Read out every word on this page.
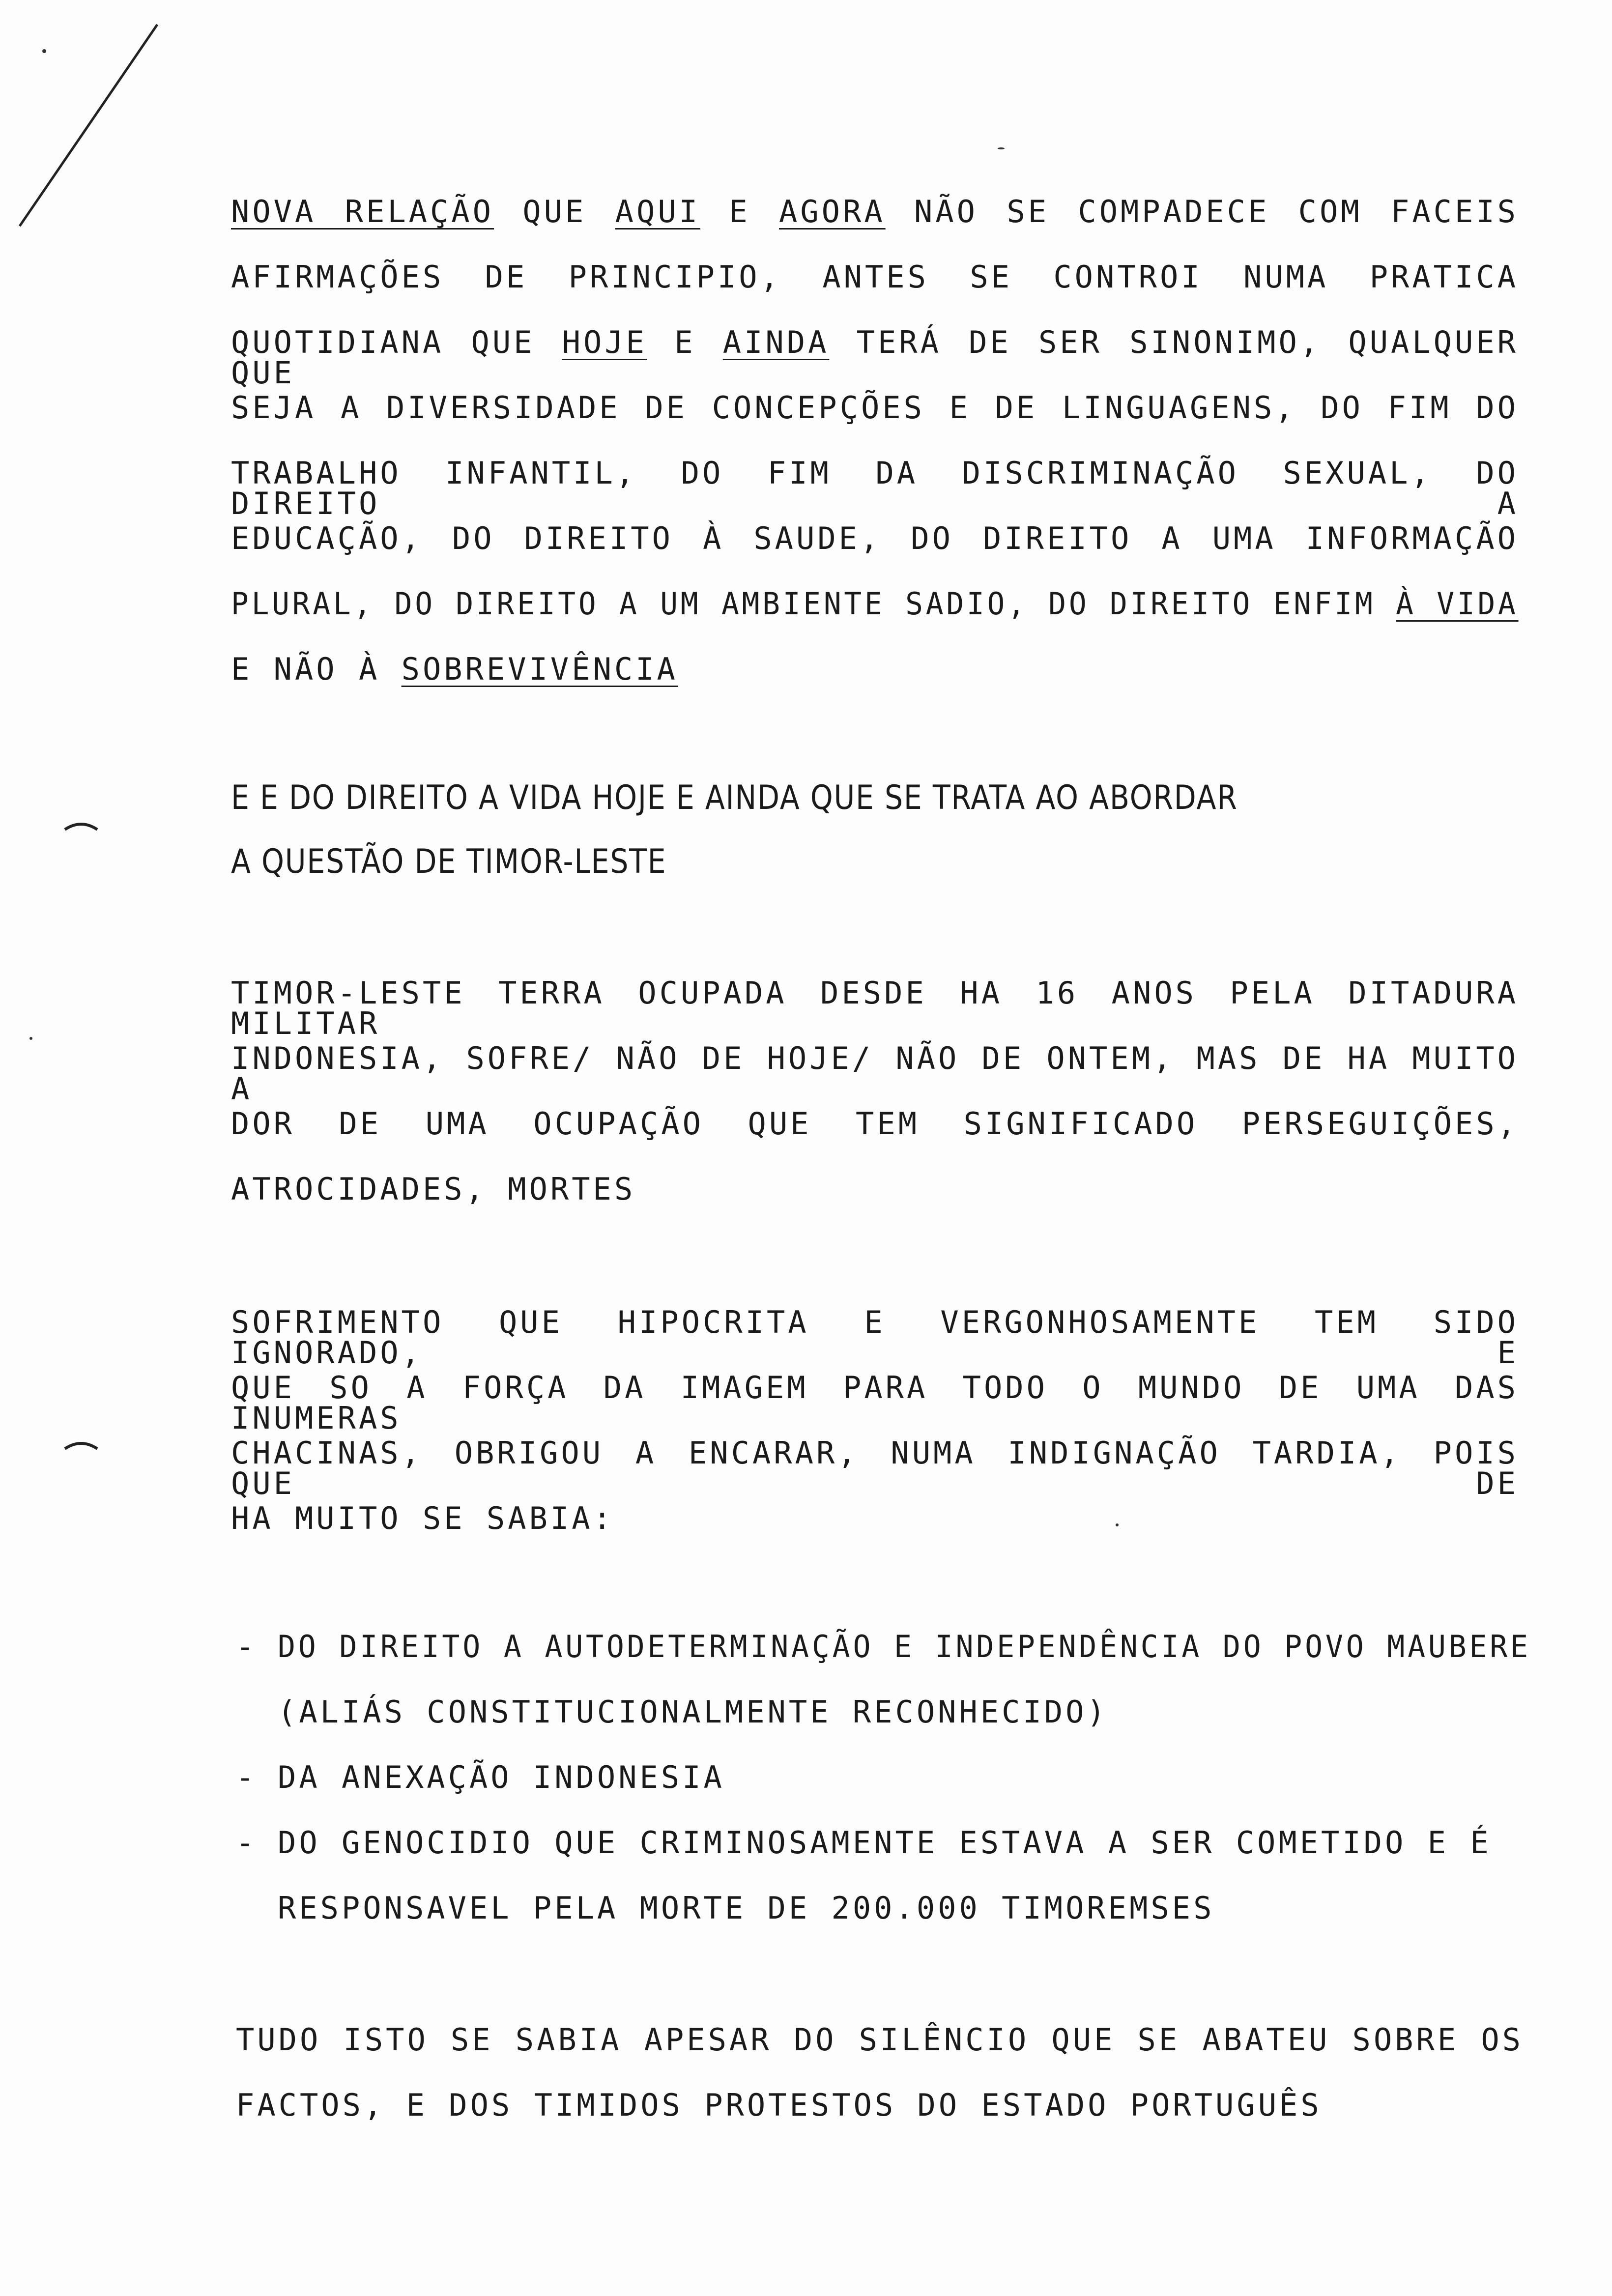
NOVA RELAÇÃO QUE AQUI E AGORA NÃO SE COMPADECE COM FACEIS
AFIRMAÇÕES DE PRINCIPIO, ANTES SE CONTROI NUMA PRATICA
QUOTIDIANA QUE HOJE E AINDA TERÁ DE SER SINONIMO, QUALQUER QUE
SEJA A DIVERSIDADE DE CONCEPÇÕES E DE LINGUAGENS, DO FIM DO
TRABALHO INFANTIL, DO FIM DA DISCRIMINAÇÃO SEXUAL, DO DIREITO A
EDUCAÇÃO, DO DIREITO À SAUDE, DO DIREITO A UMA INFORMAÇÃO
PLURAL, DO DIREITO A UM AMBIENTE SADIO, DO DIREITO ENFIM À VIDA
E NÃO À SOBREVIVÊNCIA
E E DO DIREITO A VIDA HOJE E AINDA QUE SE TRATA AO ABORDAR
A QUESTÃO DE TIMOR-LESTE
TIMOR-LESTE TERRA OCUPADA DESDE HA 16 ANOS PELA DITADURA MILITAR
INDONESIA, SOFRE/ NÃO DE HOJE/ NÃO DE ONTEM, MAS DE HA MUITO A
DOR DE UMA OCUPAÇÃO QUE TEM SIGNIFICADO PERSEGUIÇÕES,
ATROCIDADES, MORTES
SOFRIMENTO QUE HIPOCRITA E VERGONHOSAMENTE TEM SIDO IGNORADO, E
QUE SO A FORÇA DA IMAGEM PARA TODO O MUNDO DE UMA DAS INUMERAS
CHACINAS, OBRIGOU A ENCARAR, NUMA INDIGNAÇÃO TARDIA, POIS QUE DE
HA MUITO SE SABIA:
- DO DIREITO A AUTODETERMINAÇÃO E INDEPENDÊNCIA DO POVO MAUBERE
(ALIÁS CONSTITUCIONALMENTE RECONHECIDO)
- DA ANEXAÇÃO INDONESIA
- DO GENOCIDIO QUE CRIMINOSAMENTE ESTAVA A SER COMETIDO E É
RESPONSAVEL PELA MORTE DE 200.000 TIMOREMSES
TUDO ISTO SE SABIA APESAR DO SILÊNCIO QUE SE ABATEU SOBRE OS
FACTOS, E DOS TIMIDOS PROTESTOS DO ESTADO PORTUGUÊS
